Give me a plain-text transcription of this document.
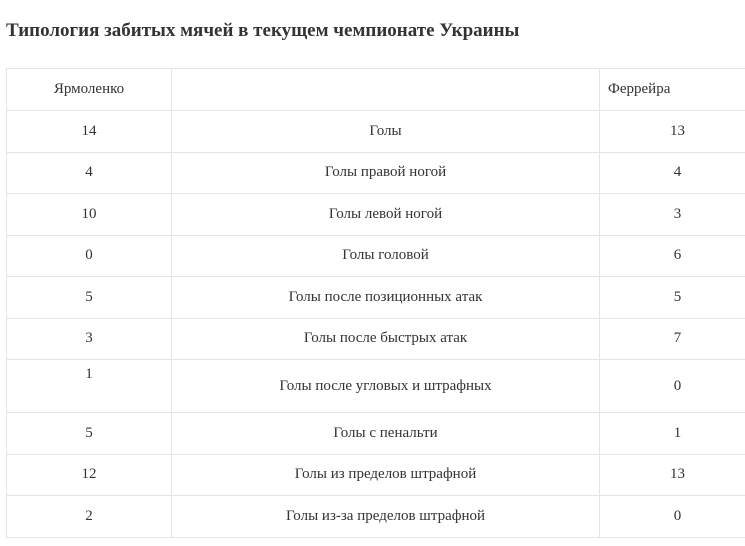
Типология забитых мячей в текущем чемпионате Украины
Ярмоленко		Феррейра
14	Голы	13
4	Голы правой ногой	4
10	Голы левой ногой	3
0	Голы головой	6
5	Голы после позиционных атак	5
3	Голы после быстрых атак	7
1	Голы после угловых и штрафных	0
5	Голы с пенальти	1
12	Голы из пределов штрафной	13
2	Голы из-за пределов штрафной	0
